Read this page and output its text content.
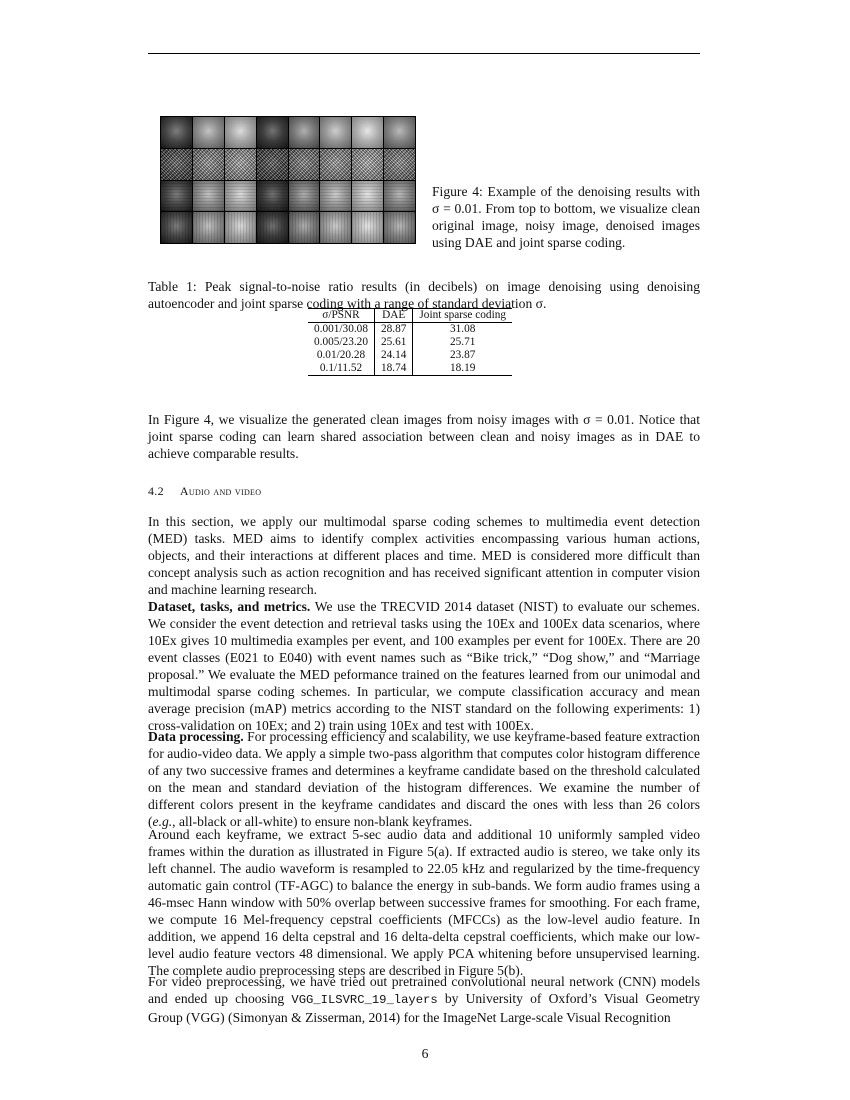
Figure 4: Example of the denoising results with σ = 0.01. From top to bottom, we visualize clean original image, noisy image, denoised images using DAE and joint sparse coding.
Table 1: Peak signal-to-noise ratio results (in decibels) on image denoising using denoising autoencoder and joint sparse coding with a range of standard deviation σ.
σ/PSNR	DAE	Joint sparse coding
0.001/30.08	28.87	31.08
0.005/23.20	25.61	25.71
0.01/20.28	24.14	23.87
0.1/11.52	18.74	18.19

In Figure 4, we visualize the generated clean images from noisy images with σ = 0.01. Notice that joint sparse coding can learn shared association between clean and noisy images as in DAE to achieve comparable results.

4.2 Audio and video

In this section, we apply our multimodal sparse coding schemes to multimedia event detection (MED) tasks. MED aims to identify complex activities encompassing various human actions, objects, and their interactions at different places and time. MED is considered more difficult than concept analysis such as action recognition and has received significant attention in computer vision and machine learning research.

Dataset, tasks, and metrics. We use the TRECVID 2014 dataset (NIST) to evaluate our schemes. We consider the event detection and retrieval tasks using the 10Ex and 100Ex data scenarios, where 10Ex gives 10 multimedia examples per event, and 100 examples per event for 100Ex. There are 20 event classes (E021 to E040) with event names such as “Bike trick,” “Dog show,” and “Marriage proposal.” We evaluate the MED peformance trained on the features learned from our unimodal and multimodal sparse coding schemes. In particular, we compute classification accuracy and mean average precision (mAP) metrics according to the NIST standard on the following experiments: 1) cross-validation on 10Ex; and 2) train using 10Ex and test with 100Ex.

Data processing. For processing efficiency and scalability, we use keyframe-based feature extraction for audio-video data. We apply a simple two-pass algorithm that computes color histogram difference of any two successive frames and determines a keyframe candidate based on the threshold calculated on the mean and standard deviation of the histogram differences. We examine the number of different colors present in the keyframe candidates and discard the ones with less than 26 colors (e.g., all-black or all-white) to ensure non-blank keyframes.

Around each keyframe, we extract 5-sec audio data and additional 10 uniformly sampled video frames within the duration as illustrated in Figure 5(a). If extracted audio is stereo, we take only its left channel. The audio waveform is resampled to 22.05 kHz and regularized by the time-frequency automatic gain control (TF-AGC) to balance the energy in sub-bands. We form audio frames using a 46-msec Hann window with 50% overlap between successive frames for smoothing. For each frame, we compute 16 Mel-frequency cepstral coefficients (MFCCs) as the low-level audio feature. In addition, we append 16 delta cepstral and 16 delta-delta cepstral coefficients, which make our low-level audio feature vectors 48 dimensional. We apply PCA whitening before unsupervised learning. The complete audio preprocessing steps are described in Figure 5(b).

For video preprocessing, we have tried out pretrained convolutional neural network (CNN) models and ended up choosing VGG_ILSVRC_19_layers by University of Oxford’s Visual Geometry Group (VGG) (Simonyan & Zisserman, 2014) for the ImageNet Large-scale Visual Recognition

6
